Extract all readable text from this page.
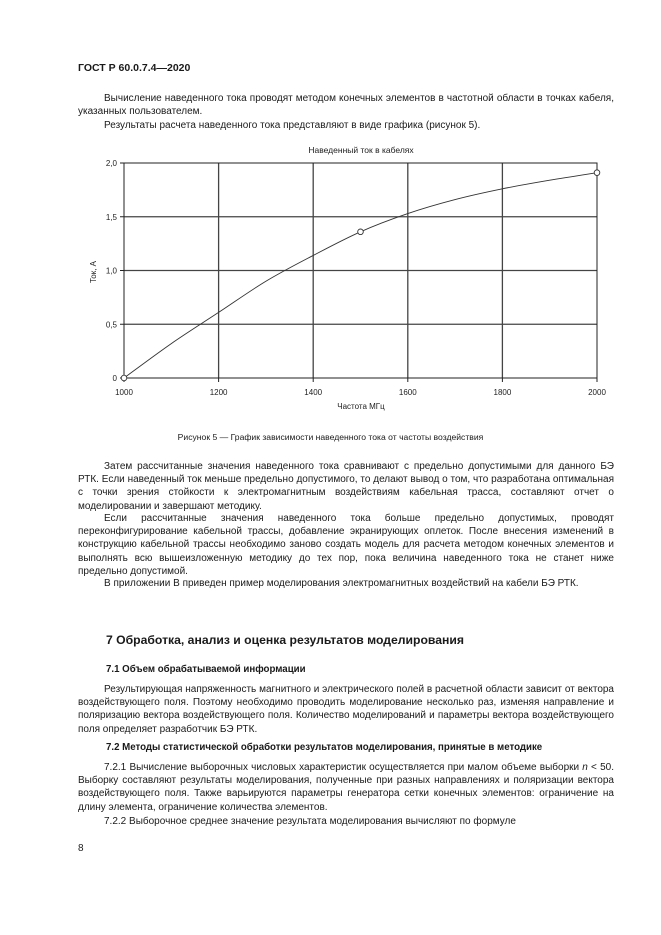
ГОСТ Р 60.0.7.4—2020

Вычисление наведенного тока проводят методом конечных элементов в частотной области в точках кабеля, указанных пользователем.

Результаты расчета наведенного тока представляют в виде графика (рисунок 5).

Наведенный ток в кабелях
1000	1200	1400	1600	1800	2000
0
0,5
1,0
1,5
2,0
Частота МГц
Ток, А
Рисунок 5 — График зависимости наведенного тока от частоты воздействия

Затем рассчитанные значения наведенного тока сравнивают с предельно допустимыми для данного БЭ РТК. Если наведенный ток меньше предельно допустимого, то делают вывод о том, что разработана оптимальная с точки зрения стойкости к электромагнитным воздействиям кабельная трасса, составляют отчет о моделировании и завершают методику.

Если рассчитанные значения наведенного тока больше предельно допустимых, проводят переконфигурирование кабельной трассы, добавление экранирующих оплеток. После внесения изменений в конструкцию кабельной трассы необходимо заново создать модель для расчета методом конечных элементов и выполнять всю вышеизложенную методику до тех пор, пока величина наведенного тока не станет ниже предельно допустимой.

В приложении В приведен пример моделирования электромагнитных воздействий на кабели БЭ РТК.

7 Обработка, анализ и оценка результатов моделирования
7.1 Объем обрабатываемой информации

Результирующая напряженность магнитного и электрического полей в расчетной области зависит от вектора воздействующего поля. Поэтому необходимо проводить моделирование несколько раз, изменяя направление и поляризацию вектора воздействующего поля. Количество моделирований и параметры вектора воздействующего поля определяет разработчик БЭ РТК.

7.2 Методы статистической обработки результатов моделирования, принятые в методике

7.2.1 Вычисление выборочных числовых характеристик осуществляется при малом объеме выборки n < 50. Выборку составляют результаты моделирования, полученные при разных направлениях и поляризации вектора воздействующего поля. Также варьируются параметры генератора сетки конечных элементов: ограничение на длину элемента, ограничение количества элементов.

7.2.2 Выборочное среднее значение результата моделирования вычисляют по формуле

8
